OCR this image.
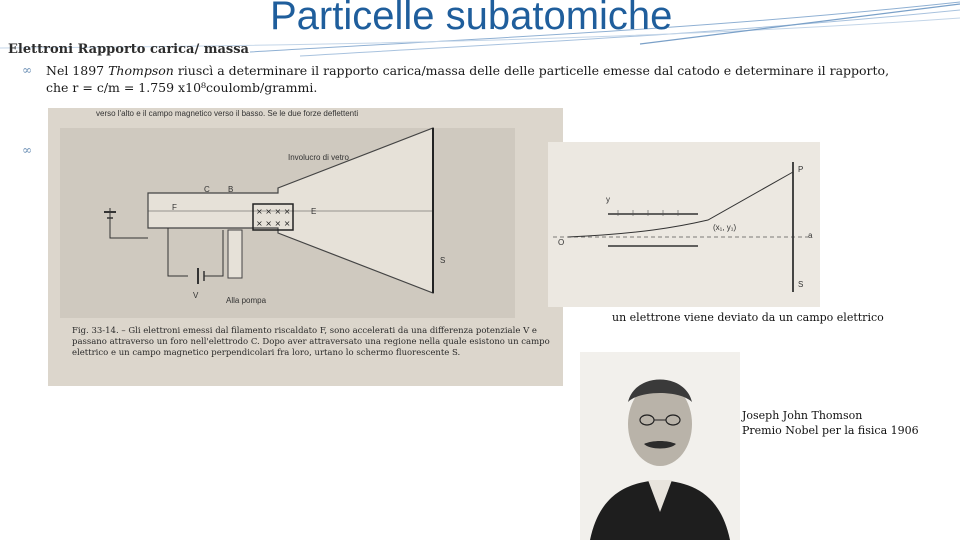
Particelle subatomiche
Elettroni Rapporto carica/ massa
∞	Nel 1897 Thompson riuscì a determinare il rapporto carica/massa delle delle particelle emesse dal catodo e determinare il rapporto,
che r = c/m = 1.759 x10⁸coulomb/grammi.
∞
verso l'alto e il campo magnetico verso il basso. Se le due forze deflettenti
× × × ×
× × × ×
F
C B
E
S
V
Involucro di vetro
Alla pompa
Fig. 33-14. – Gli elettroni emessi dal filamento riscaldato F, sono accelerati da una differenza potenziale V e passano attraverso un foro nell'elettrodo C. Dopo aver attraversato una regione nella quale esistono un campo elettrico e un campo magnetico perpendicolari fra loro, urtano lo schermo fluorescente S.
P
y
(x₁, y₁)
a
S
O
un elettrone viene deviato da un campo elettrico
Joseph John Thomson
Premio Nobel per la fisica 1906
